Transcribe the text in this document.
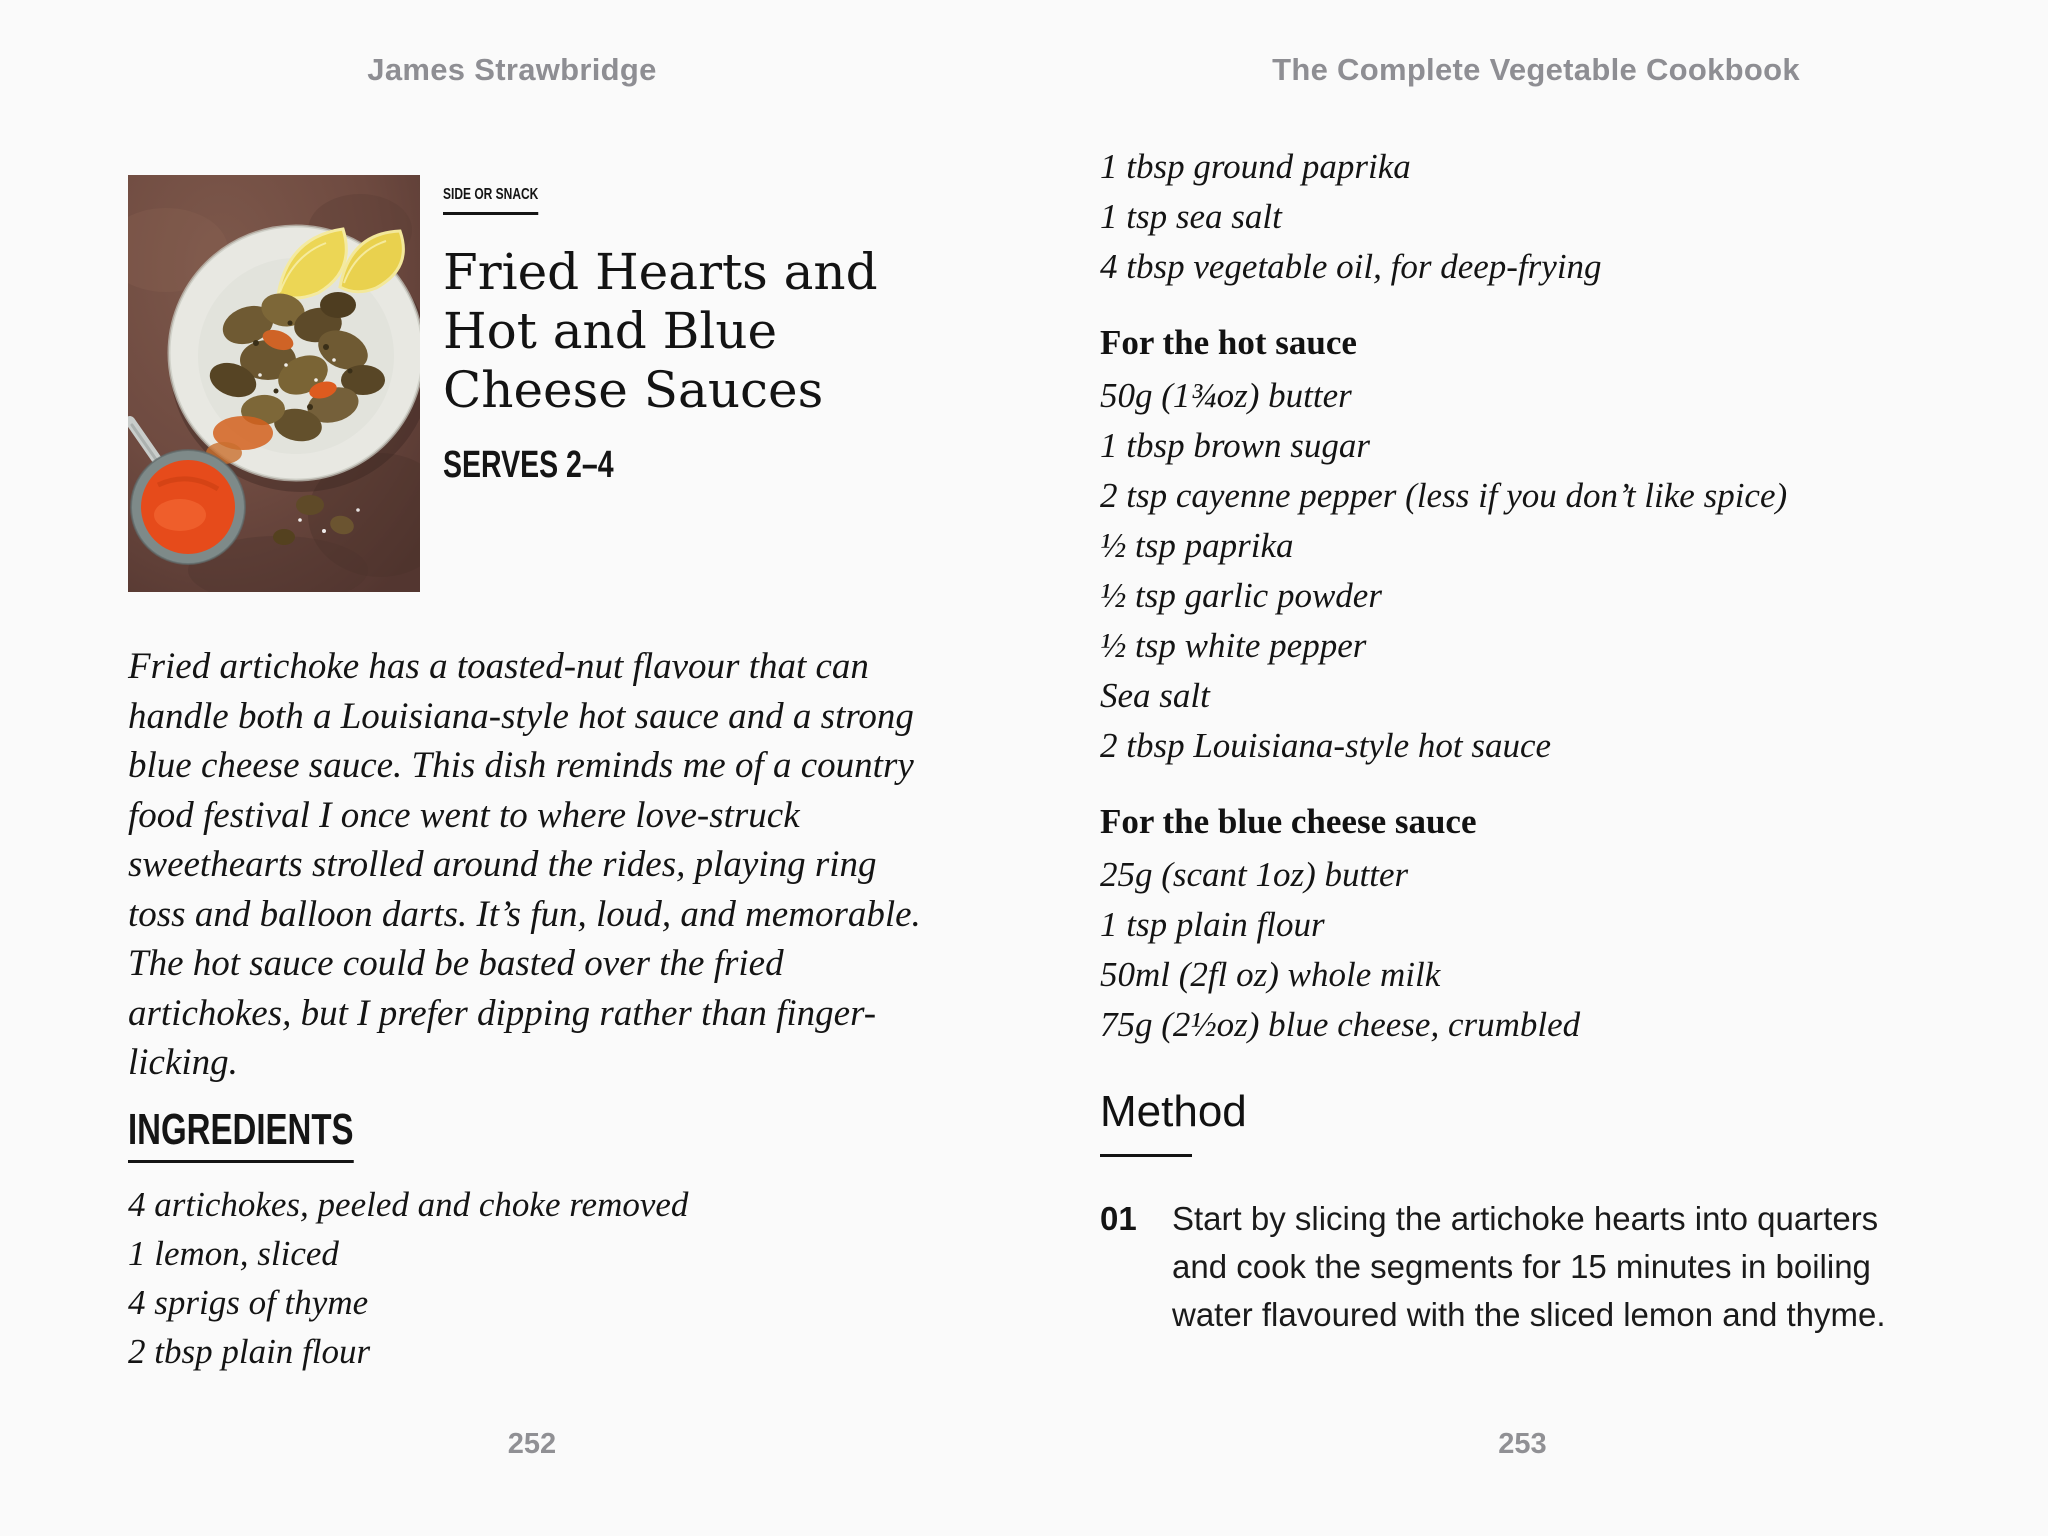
James Strawbridge
SIDE OR SNACK
Fried Hearts and
Hot and Blue
Cheese Sauces
SERVES 2–4

Fried artichoke has a toasted-nut flavour that can handle both a Louisiana-style hot sauce and a strong blue cheese sauce. This dish reminds me of a country food festival I once went to where love-struck sweethearts strolled around the rides, playing ring toss and balloon darts. It’s fun, loud, and memorable. The hot sauce could be basted over the fried artichokes, but I prefer dipping rather than finger-licking.

INGREDIENTS
4 artichokes, peeled and choke removed
1 lemon, sliced
4 sprigs of thyme
2 tbsp plain flour
252
The Complete Vegetable Cookbook
1 tbsp ground paprika
1 tsp sea salt
4 tbsp vegetable oil, for deep-frying
For the hot sauce
50g (1¾oz) butter
1 tbsp brown sugar
2 tsp cayenne pepper (less if you don’t like spice)
½ tsp paprika
½ tsp garlic powder
½ tsp white pepper
Sea salt
2 tbsp Louisiana-style hot sauce
For the blue cheese sauce
25g (scant 1oz) butter
1 tsp plain flour
50ml (2fl oz) whole milk
75g (2½oz) blue cheese, crumbled
Method
01 Start by slicing the artichoke hearts into quarters and cook the segments for 15 minutes in boiling water flavoured with the sliced lemon and thyme.
253
